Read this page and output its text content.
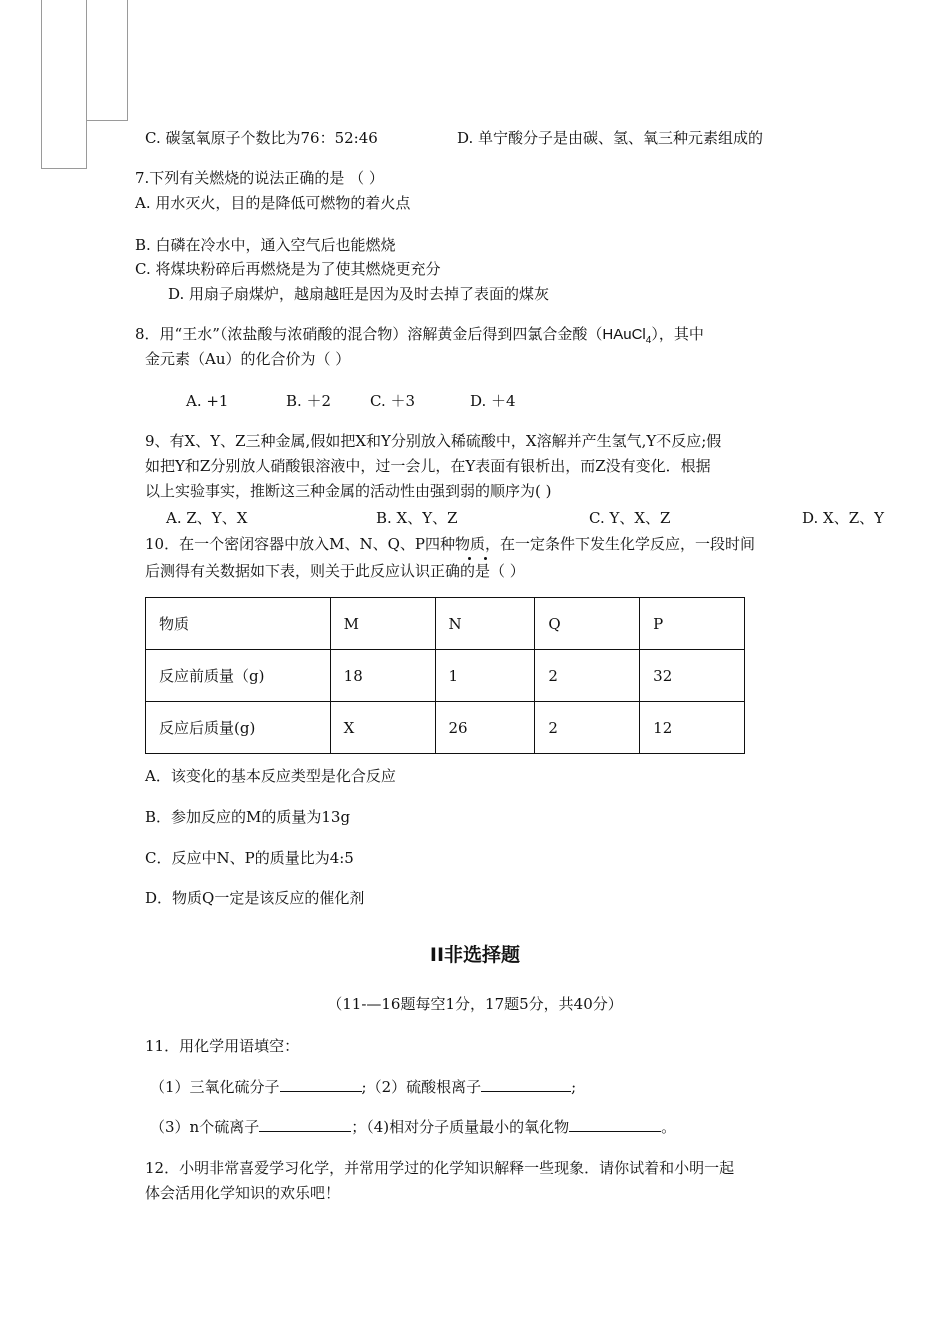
C. 碳氢氧原子个数比为76：52:46	D. 单宁酸分子是由碳、氢、氧三种元素组成的
7.下列有关燃烧的说法正确的是 （ ）
A. 用水灭火，目的是降低可燃物的着火点
B. 白磷在冷水中，通入空气后也能燃烧
C. 将煤块粉碎后再燃烧是为了使其燃烧更充分
D. 用扇子扇煤炉，越扇越旺是因为及时去掉了表面的煤灰
8．用“王水”（浓盐酸与浓硝酸的混合物）溶解黄金后得到四氯合金酸（HAuCl$_4$），其中
金元素（Au）的化合价为（ ）
A. +1	B. ＋2	C. ＋3	D. ＋4
9、有X、Y、Z三种金属,假如把X和Y分别放入稀硫酸中，X溶解并产生氢气,Y不反应;假
如把Y和Z分别放人硝酸银溶液中，过一会儿，在Y表面有银析出，而Z没有变化．根据
以上实验事实，推断这三种金属的活动性由强到弱的顺序为( )
A. Z、Y、X	B. X、Y、Z	C. Y、X、Z	D. X、Z、Y
10．在一个密闭容器中放入M、N、Q、P四种物质，在一定条件下发生化学反应，一段时间
后测得有关数据如下表，则关于此反应认识正确的是（ ）
物质	M	N	Q	P
反应前质量（g)	18	1	2	32
反应后质量(g)	X	26	2	12
A．该变化的基本反应类型是化合反应
B．参加反应的M的质量为13g
C．反应中N、P的质量比为4:5
D．物质Q一定是该反应的催化剂
II非选择题
（11-—16题每空1分，17题5分，共40分）
11．用化学用语填空：
（1）三氧化硫分子	;（2）硫酸根离子	;
（3）n个硫离子	；（4)相对分子质量最小的氧化物	。
12．小明非常喜爱学习化学，并常用学过的化学知识解释一些现象．请你试着和小明一起
体会活用化学知识的欢乐吧！
